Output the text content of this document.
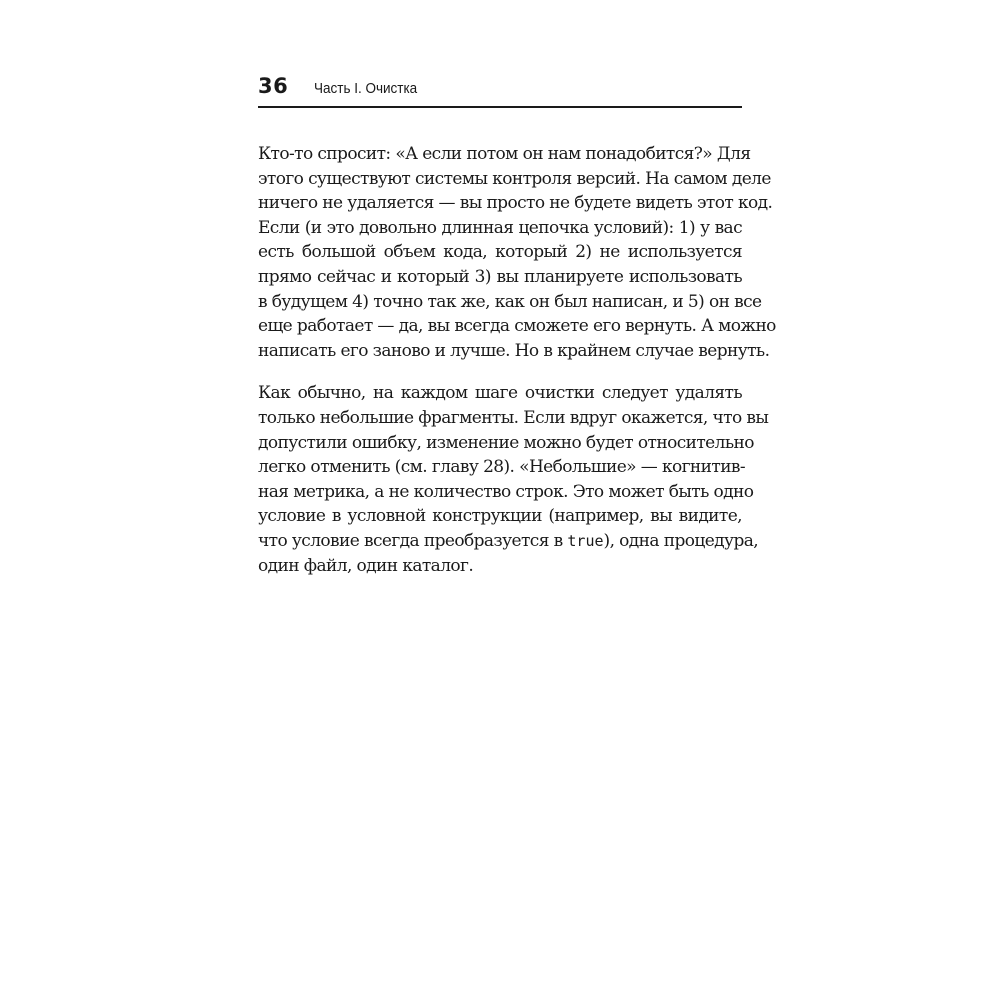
36 Часть I. Очистка

Кто-то спросит: «А если потом он нам понадобится?» Для
этого существуют системы контроля версий. На самом деле
ничего не удаляется — вы просто не будете видеть этот код.
Если (и это довольно длинная цепочка условий): 1) у вас
есть большой объем кода, который 2) не используется
прямо сейчас и который 3) вы планируете использовать
в будущем 4) точно так же, как он был написан, и 5) он все
еще работает — да, вы всегда сможете его вернуть. А можно
написать его заново и лучше. Но в крайнем случае вернуть.

Как обычно, на каждом шаге очистки следует удалять
только небольшие фрагменты. Если вдруг окажется, что вы
допустили ошибку, изменение можно будет относительно
легко отменить (см. главу 28). «Небольшие» — когнитив-
ная метрика, а не количество строк. Это может быть одно
условие в условной конструкции (например, вы видите,
что условие всегда преобразуется в true), одна процедура,
один файл, один каталог.
